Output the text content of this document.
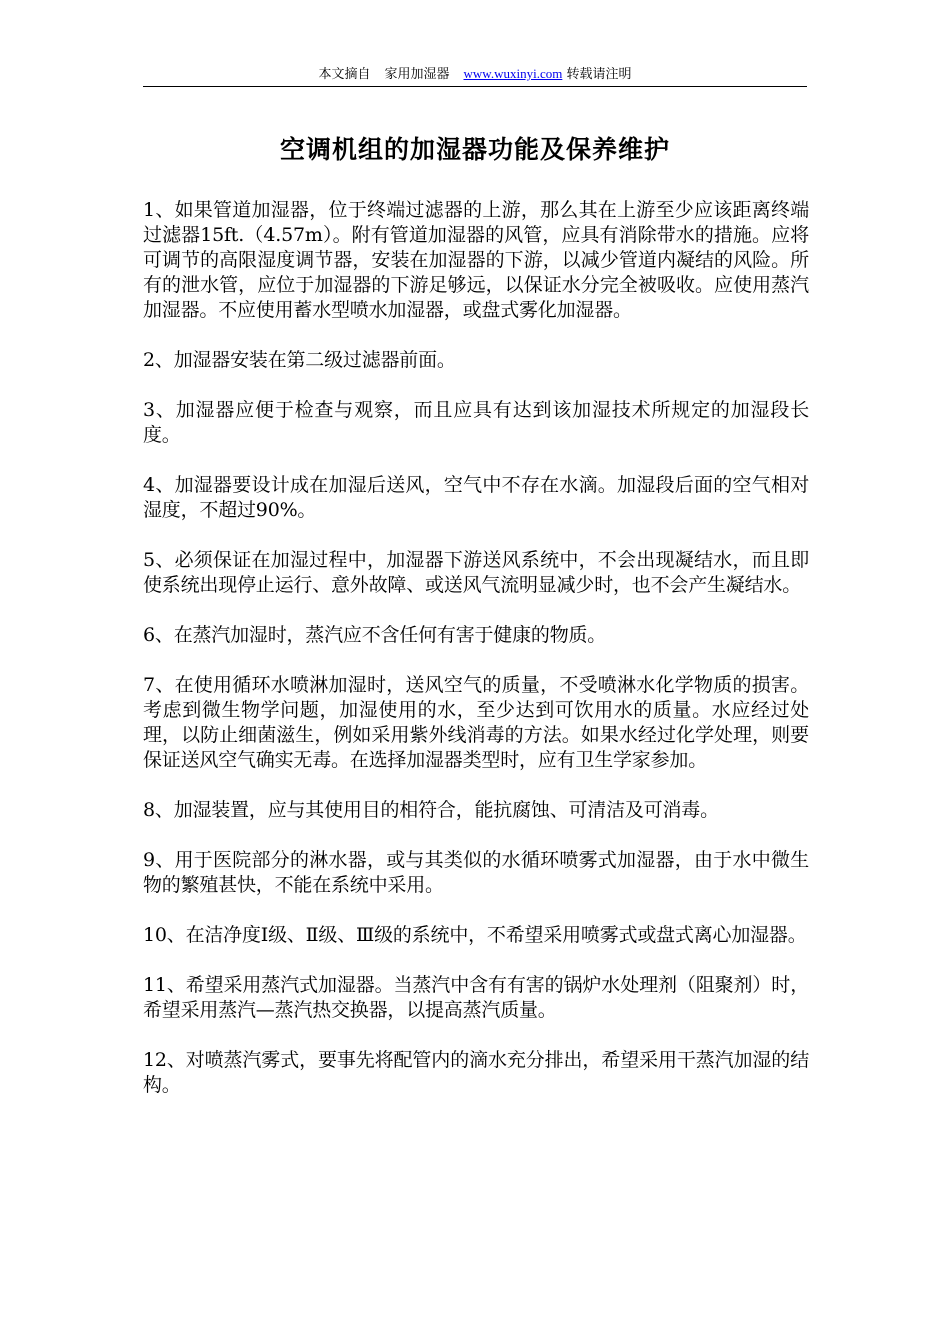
本文摘自 家用加湿器 www.wuxinyi.com 转载请注明
空调机组的加湿器功能及保养维护

1、如果管道加湿器，位于终端过滤器的上游，那么其在上游至少应该距离终端过滤器15ft.（4.57m）。附有管道加湿器的风管，应具有消除带水的措施。应将可调节的高限湿度调节器，安装在加湿器的下游，以减少管道内凝结的风险。所有的泄水管，应位于加湿器的下游足够远，以保证水分完全被吸收。应使用蒸汽加湿器。不应使用蓄水型喷水加湿器，或盘式雾化加湿器。

2、加湿器安装在第二级过滤器前面。

3、加湿器应便于检查与观察，而且应具有达到该加湿技术所规定的加湿段长度。

4、加湿器要设计成在加湿后送风，空气中不存在水滴。加湿段后面的空气相对湿度，不超过90%。

5、必须保证在加湿过程中，加湿器下游送风系统中，不会出现凝结水，而且即使系统出现停止运行、意外故障、或送风气流明显减少时，也不会产生凝结水。

6、在蒸汽加湿时，蒸汽应不含任何有害于健康的物质。

7、在使用循环水喷淋加湿时，送风空气的质量，不受喷淋水化学物质的损害。考虑到微生物学问题，加湿使用的水，至少达到可饮用水的质量。水应经过处理，以防止细菌滋生，例如采用紫外线消毒的方法。如果水经过化学处理，则要保证送风空气确实无毒。在选择加湿器类型时，应有卫生学家参加。

8、加湿装置，应与其使用目的相符合，能抗腐蚀、可清洁及可消毒。

9、用于医院部分的淋水器，或与其类似的水循环喷雾式加湿器，由于水中微生物的繁殖甚快，不能在系统中采用。

10、在洁净度Ⅰ级、Ⅱ级、Ⅲ级的系统中，不希望采用喷雾式或盘式离心加湿器。

11、希望采用蒸汽式加湿器。当蒸汽中含有有害的锅炉水处理剂（阻聚剂）时，希望采用蒸汽—蒸汽热交换器，以提高蒸汽质量。

12、对喷蒸汽雾式，要事先将配管内的滴水充分排出，希望采用干蒸汽加湿的结构。
